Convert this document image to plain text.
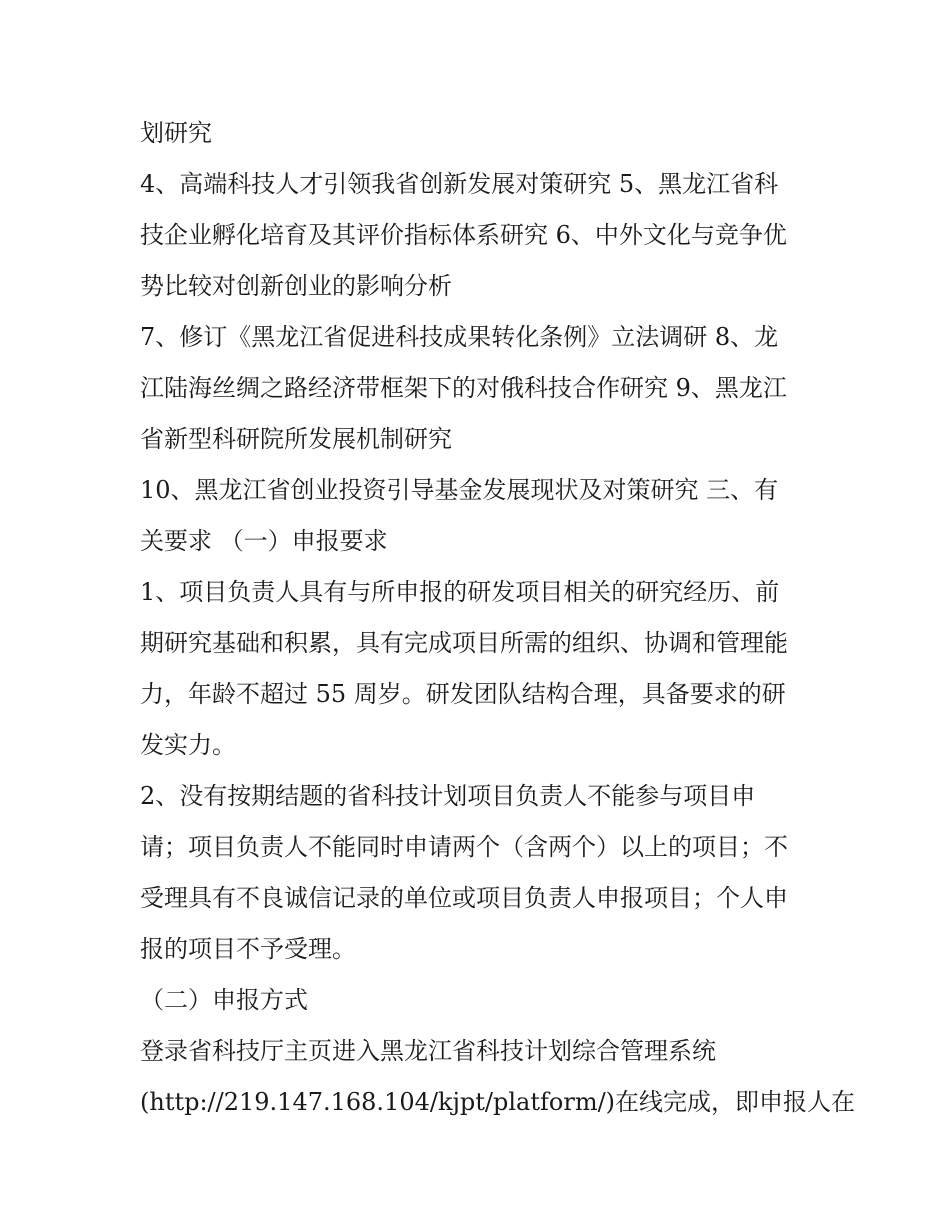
划研究
4、高端科技人才引领我省创新发展对策研究 5、黑龙江省科
技企业孵化培育及其评价指标体系研究 6、中外文化与竞争优
势比较对创新创业的影响分析
7、修订《黑龙江省促进科技成果转化条例》立法调研 8、龙
江陆海丝绸之路经济带框架下的对俄科技合作研究 9、黑龙江
省新型科研院所发展机制研究
10、黑龙江省创业投资引导基金发展现状及对策研究 三、有
关要求 （一）申报要求
1、项目负责人具有与所申报的研发项目相关的研究经历、前
期研究基础和积累，具有完成项目所需的组织、协调和管理能
力，年龄不超过 55 周岁。研发团队结构合理，具备要求的研
发实力。
2、没有按期结题的省科技计划项目负责人不能参与项目申
请；项目负责人不能同时申请两个（含两个）以上的项目；不
受理具有不良诚信记录的单位或项目负责人申报项目；个人申
报的项目不予受理。
（二）申报方式
登录省科技厅主页进入黑龙江省科技计划综合管理系统
(http://219.147.168.104/kjpt/platform/)在线完成，即申报人在
